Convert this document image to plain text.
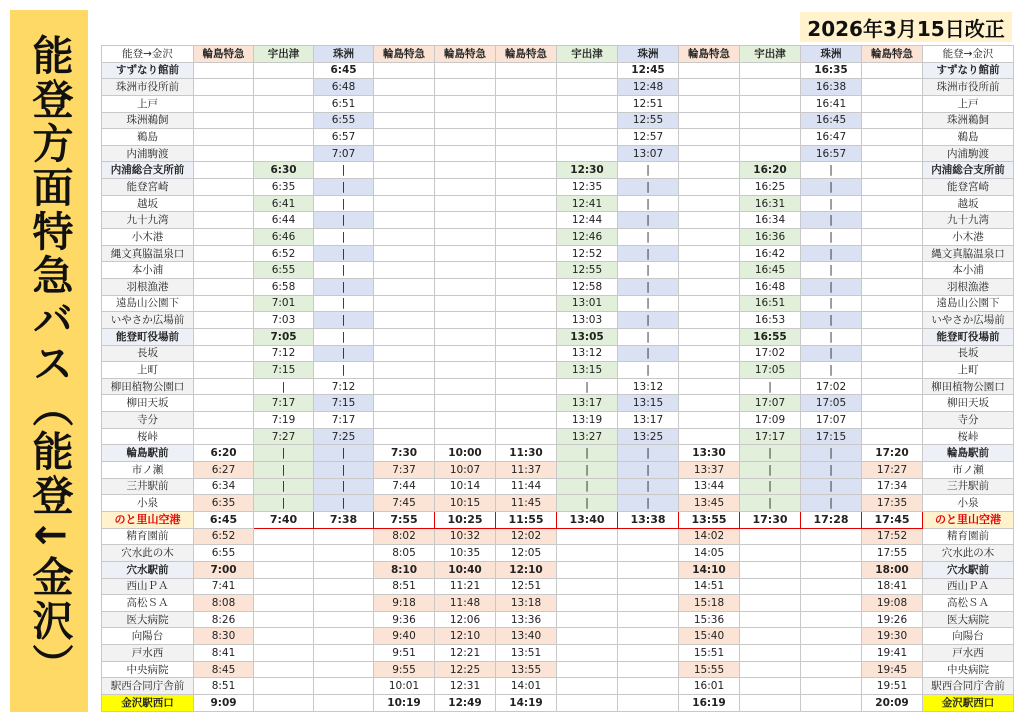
能登方面特急バス（能登↓金沢）
2026年3月15日改正
能登→金沢	輪島特急	宇出津	珠洲	輪島特急	輪島特急	輪島特急	宇出津	珠洲	輪島特急	宇出津	珠洲	輪島特急	能登→金沢
すずなり館前			6:45					12:45			16:35		すずなり館前
珠洲市役所前			6:48					12:48			16:38		珠洲市役所前
上戸			6:51					12:51			16:41		上戸
珠洲鵜飼			6:55					12:55			16:45		珠洲鵜飼
鵜島			6:57					12:57			16:47		鵜島
内浦駒渡			7:07					13:07			16:57		内浦駒渡
内浦総合支所前		6:30	|				12:30	|		16:20	|		内浦総合支所前
能登宮崎		6:35	|				12:35	|		16:25	|		能登宮崎
越坂		6:41	|				12:41	|		16:31	|		越坂
九十九湾		6:44	|				12:44	|		16:34	|		九十九湾
小木港		6:46	|				12:46	|		16:36	|		小木港
縄文真脇温泉口		6:52	|				12:52	|		16:42	|		縄文真脇温泉口
本小浦		6:55	|				12:55	|		16:45	|		本小浦
羽根漁港		6:58	|				12:58	|		16:48	|		羽根漁港
遠島山公園下		7:01	|				13:01	|		16:51	|		遠島山公園下
いやさか広場前		7:03	|				13:03	|		16:53	|		いやさか広場前
能登町役場前		7:05	|				13:05	|		16:55	|		能登町役場前
長坂		7:12	|				13:12	|		17:02	|		長坂
上町		7:15	|				13:15	|		17:05	|		上町
柳田植物公園口		|	7:12				|	13:12		|	17:02		柳田植物公園口
柳田天坂		7:17	7:15				13:17	13:15		17:07	17:05		柳田天坂
寺分		7:19	7:17				13:19	13:17		17:09	17:07		寺分
桜峠		7:27	7:25				13:27	13:25		17:17	17:15		桜峠
輪島駅前	6:20	|	|	7:30	10:00	11:30	|	|	13:30	|	|	17:20	輪島駅前
市ノ瀬	6:27	|	|	7:37	10:07	11:37	|	|	13:37	|	|	17:27	市ノ瀬
三井駅前	6:34	|	|	7:44	10:14	11:44	|	|	13:44	|	|	17:34	三井駅前
小泉	6:35	|	|	7:45	10:15	11:45	|	|	13:45	|	|	17:35	小泉
のと里山空港	6:45	7:40	7:38	7:55	10:25	11:55	13:40	13:38	13:55	17:30	17:28	17:45	のと里山空港
精育園前	6:52			8:02	10:32	12:02			14:02			17:52	精育園前
穴水此の木	6:55			8:05	10:35	12:05			14:05			17:55	穴水此の木
穴水駅前	7:00			8:10	10:40	12:10			14:10			18:00	穴水駅前
西山ＰＡ	7:41			8:51	11:21	12:51			14:51			18:41	西山ＰＡ
高松ＳＡ	8:08			9:18	11:48	13:18			15:18			19:08	高松ＳＡ
医大病院	8:26			9:36	12:06	13:36			15:36			19:26	医大病院
向陽台	8:30			9:40	12:10	13:40			15:40			19:30	向陽台
戸水西	8:41			9:51	12:21	13:51			15:51			19:41	戸水西
中央病院	8:45			9:55	12:25	13:55			15:55			19:45	中央病院
駅西合同庁舎前	8:51			10:01	12:31	14:01			16:01			19:51	駅西合同庁舎前
金沢駅西口	9:09			10:19	12:49	14:19			16:19			20:09	金沢駅西口
